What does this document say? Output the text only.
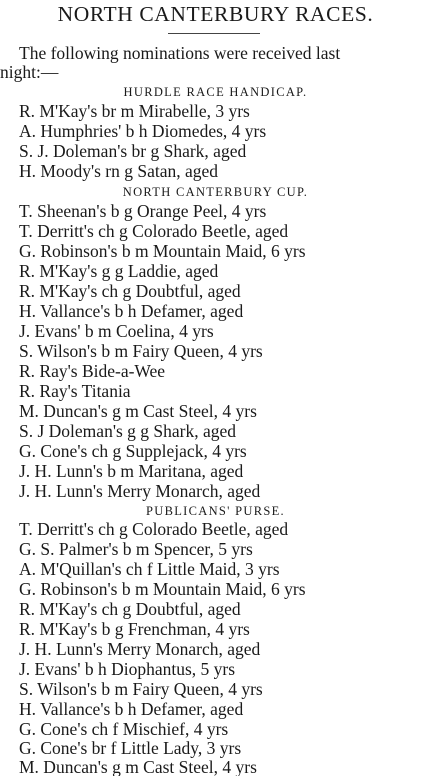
NORTH CANTERBURY RACES.
The following nominations were received last
night:—
HURDLE RACE HANDICAP.
R. M'Kay's br m Mirabelle, 3 yrs
A. Humphries' b h Diomedes, 4 yrs
S. J. Doleman's br g Shark, aged
H. Moody's rn g Satan, aged
NORTH CANTERBURY CUP.
T. Sheenan's b g Orange Peel, 4 yrs
T. Derritt's ch g Colorado Beetle, aged
G. Robinson's b m Mountain Maid, 6 yrs
R. M'Kay's g g Laddie, aged
R. M'Kay's ch g Doubtful, aged
H. Vallance's b h Defamer, aged
J. Evans' b m Coelina, 4 yrs
S. Wilson's b m Fairy Queen, 4 yrs
R. Ray's Bide-a-Wee
R. Ray's Titania
M. Duncan's g m Cast Steel, 4 yrs
S. J Doleman's g g Shark, aged
G. Cone's ch g Supplejack, 4 yrs
J. H. Lunn's b m Maritana, aged
J. H. Lunn's Merry Monarch, aged
PUBLICANS' PURSE.
T. Derritt's ch g Colorado Beetle, aged
G. S. Palmer's b m Spencer, 5 yrs
A. M'Quillan's ch f Little Maid, 3 yrs
G. Robinson's b m Mountain Maid, 6 yrs
R. M'Kay's ch g Doubtful, aged
R. M'Kay's b g Frenchman, 4 yrs
J. H. Lunn's Merry Monarch, aged
J. Evans' b h Diophantus, 5 yrs
S. Wilson's b m Fairy Queen, 4 yrs
H. Vallance's b h Defamer, aged
G. Cone's ch f Mischief, 4 yrs
G. Cone's br f Little Lady, 3 yrs
M. Duncan's g m Cast Steel, 4 yrs
